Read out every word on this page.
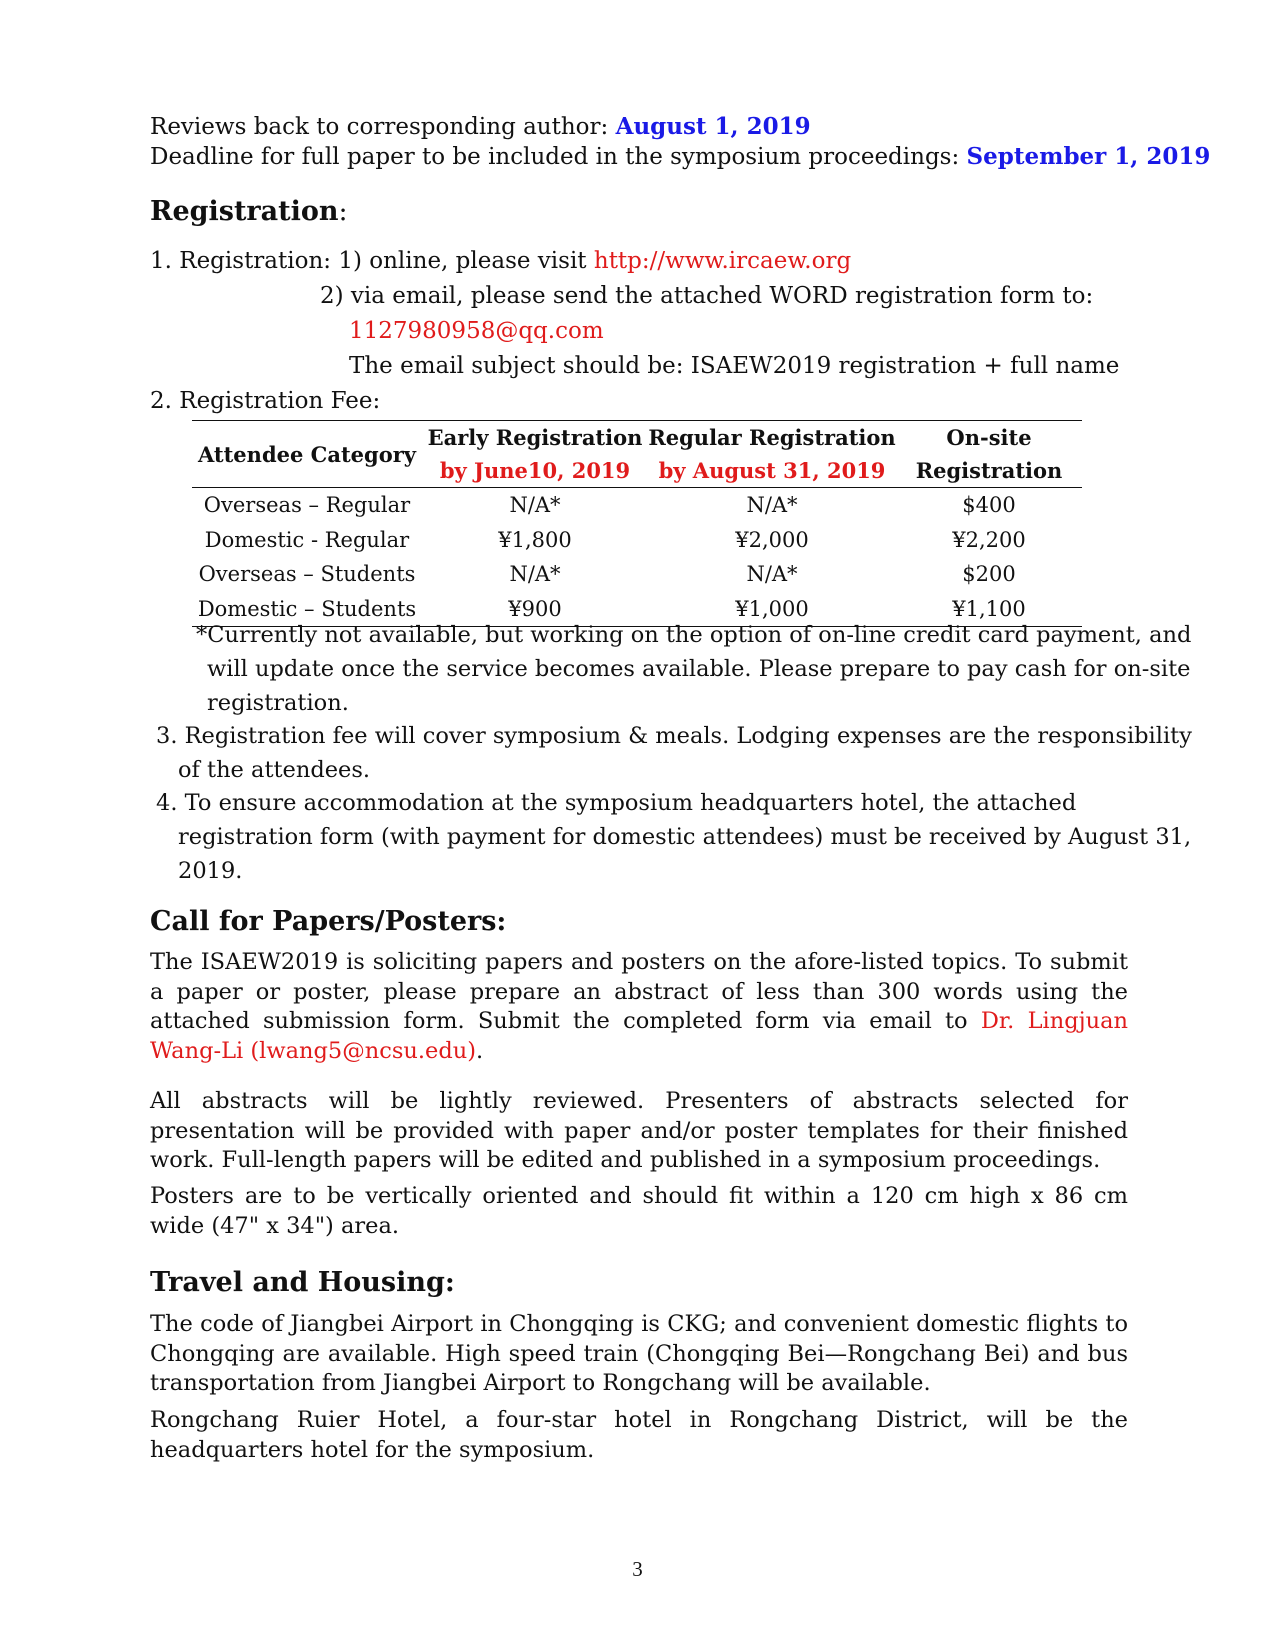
Reviews back to corresponding author: August 1, 2019
Deadline for full paper to be included in the symposium proceedings: September 1, 2019
Registration:
1. Registration: 1) online, please visit http://www.ircaew.org
2) via email, please send the attached WORD registration form to:
1127980958@qq.com
The email subject should be: ISAEW2019 registration + full name
2. Registration Fee:
Attendee Category	Early Registration	Regular Registration	On-site
	by June10, 2019	by August 31, 2019	Registration
Overseas – Regular	N/A*	N/A*	$400
Domestic - Regular	¥1,800	¥2,000	¥2,200
Overseas – Students	N/A*	N/A*	$200
Domestic – Students	¥900	¥1,000	¥1,100
*Currently not available, but working on the option of on-line credit card payment, and
will update once the service becomes available. Please prepare to pay cash for on-site
registration.
3. Registration fee will cover symposium & meals. Lodging expenses are the responsibility
of the attendees.
4. To ensure accommodation at the symposium headquarters hotel, the attached
registration form (with payment for domestic attendees) must be received by August 31,
2019.
Call for Papers/Posters:

The ISAEW2019 is soliciting papers and posters on the afore-listed topics. To submit a paper or poster, please prepare an abstract of less than 300 words using the attached submission form. Submit the completed form via email to Dr. Lingjuan Wang-Li (lwang5@ncsu.edu).

All abstracts will be lightly reviewed. Presenters of abstracts selected for presentation will be provided with paper and/or poster templates for their finished work. Full-length papers will be edited and published in a symposium proceedings.

Posters are to be vertically oriented and should fit within a 120 cm high x 86 cm wide (47" x 34") area.

Travel and Housing:

The code of Jiangbei Airport in Chongqing is CKG; and convenient domestic flights to Chongqing are available. High speed train (Chongqing Bei—Rongchang Bei) and bus transportation from Jiangbei Airport to Rongchang will be available.

Rongchang Ruier Hotel, a four-star hotel in Rongchang District, will be the headquarters hotel for the symposium.

3
